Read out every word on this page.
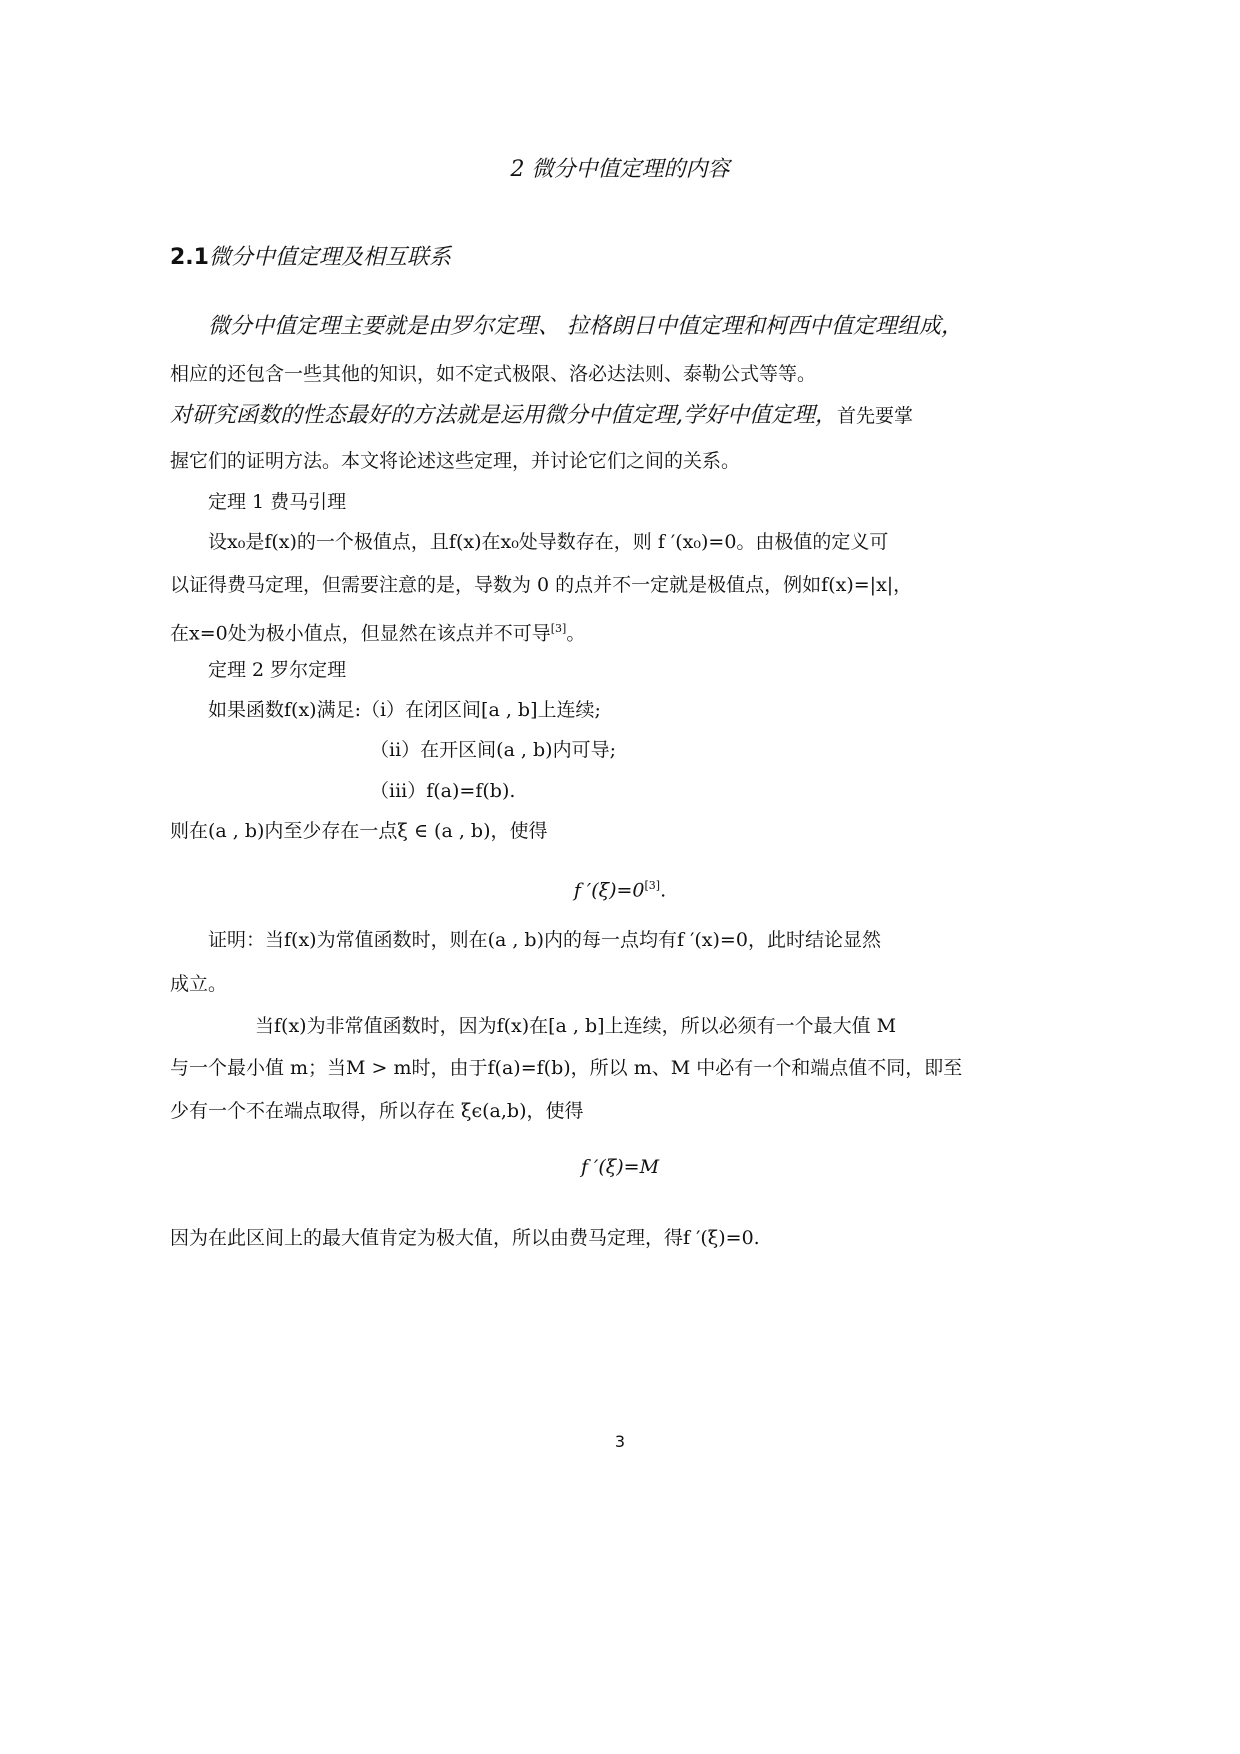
2 微分中值定理的内容
2.1微分中值定理及相互联系
微分中值定理主要就是由罗尔定理、 拉格朗日中值定理和柯西中值定理组成，
相应的还包含一些其他的知识，如不定式极限、洛必达法则、泰勒公式等等。
对研究函数的性态最好的方法就是运用微分中值定理,学好中值定理，首先要掌
握它们的证明方法。本文将论述这些定理，并讨论它们之间的关系。
定理 1 费马引理
设x₀是f(x)的一个极值点，且f(x)在x₀处导数存在，则 f ′(x₀)=0。由极值的定义可
以证得费马定理，但需要注意的是，导数为 0 的点并不一定就是极值点，例如f(x)=|x|，
在x=0处为极小值点，但显然在该点并不可导[3]。
定理 2 罗尔定理
如果函数f(x)满足:（i）在闭区间[a , b]上连续;
（ii）在开区间(a , b)内可导;
（iii）f(a)=f(b).
则在(a , b)内至少存在一点ξ ∈ (a , b)，使得
f ′(ξ)=0[3].
证明：当f(x)为常值函数时，则在(a , b)内的每一点均有f ′(x)=0，此时结论显然
成立。
当f(x)为非常值函数时，因为f(x)在[a , b]上连续，所以必须有一个最大值 M
与一个最小值 m；当M > m时，由于f(a)=f(b)，所以 m、M 中必有一个和端点值不同，即至
少有一个不在端点取得，所以存在 ξϵ(a,b)，使得
f ′(ξ)=M
因为在此区间上的最大值肯定为极大值，所以由费马定理，得f ′(ξ)=0.
3
